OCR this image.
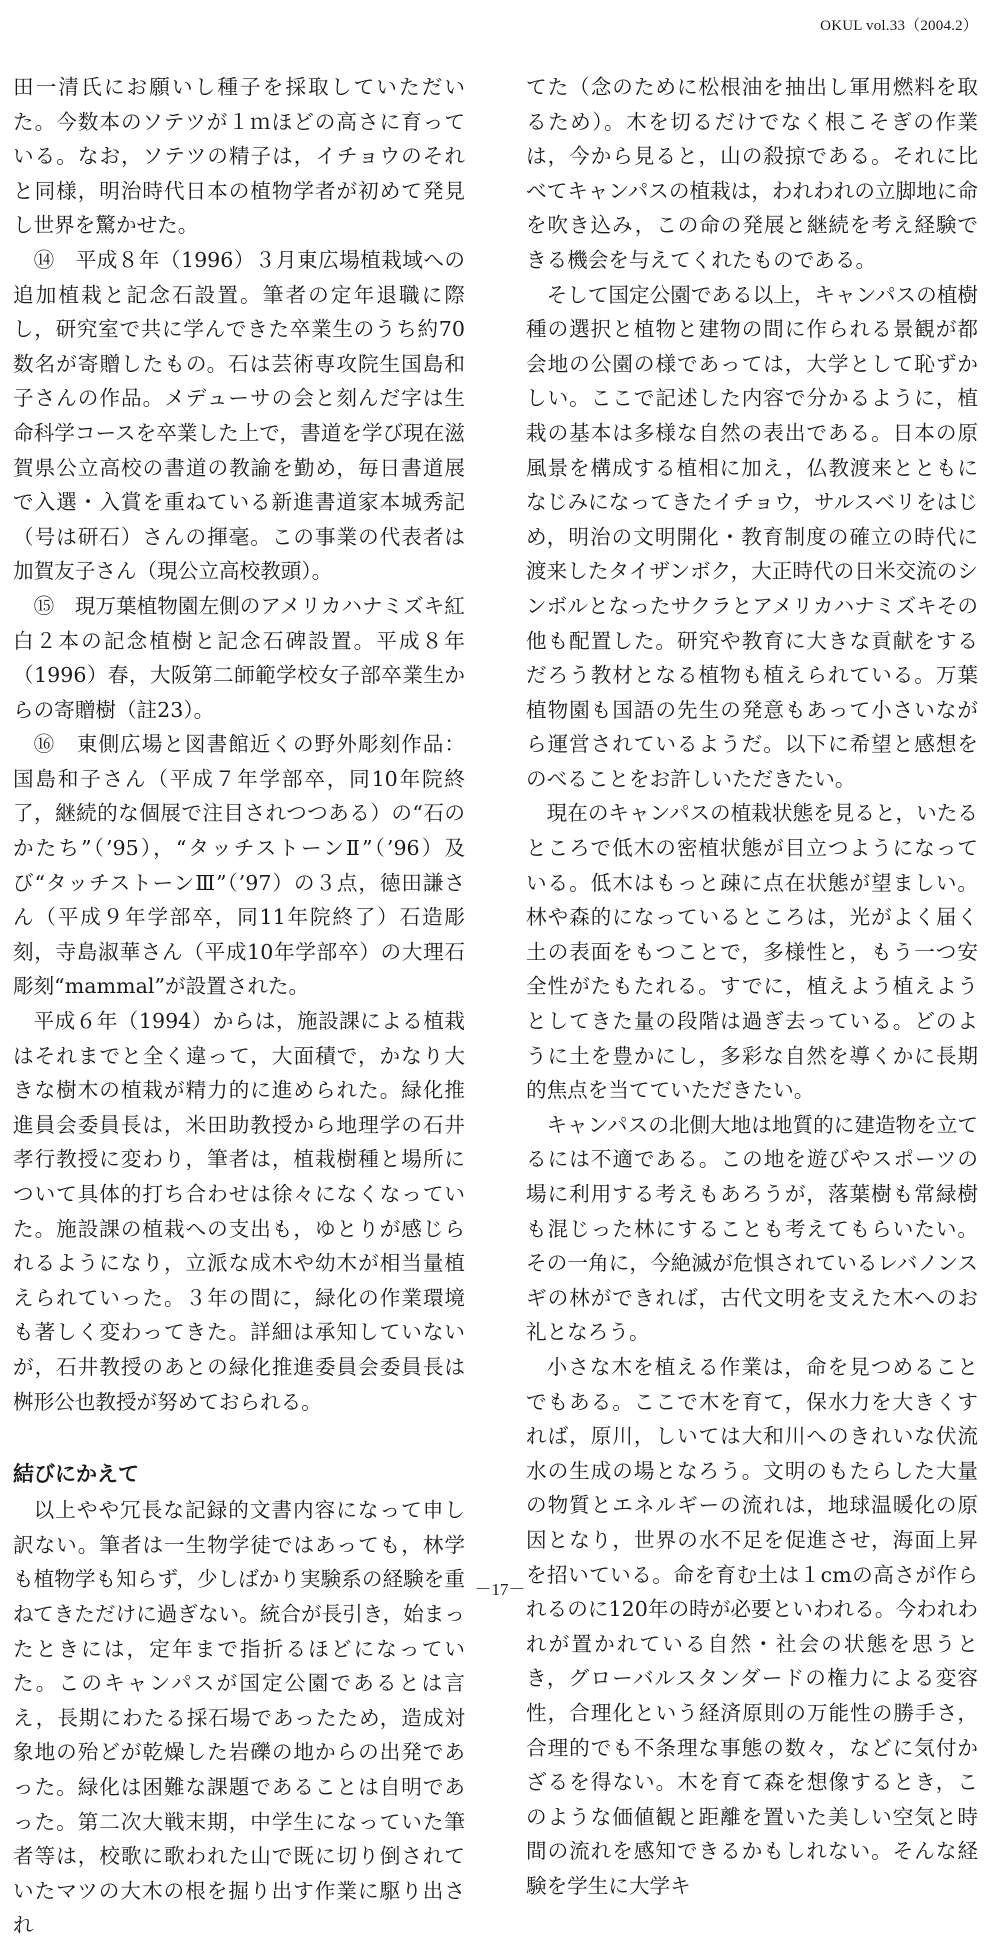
OKUL vol.33（2004.2）

田一清氏にお願いし種子を採取していただいた。今数本のソテツが１ｍほどの高さに育っている。なお，ソテツの精子は，イチョウのそれと同様，明治時代日本の植物学者が初めて発見し世界を驚かせた。

⑭　平成８年（1996）３月東広場植栽域への追加植栽と記念石設置。筆者の定年退職に際し，研究室で共に学んできた卒業生のうち約70数名が寄贈したもの。石は芸術専攻院生国島和子さんの作品。メデューサの会と刻んだ字は生命科学コースを卒業した上で，書道を学び現在滋賀県公立高校の書道の教諭を勤め，毎日書道展で入選・入賞を重ねている新進書道家本城秀記（号は研石）さんの揮毫。この事業の代表者は加賀友子さん（現公立高校教頭）。

⑮　現万葉植物園左側のアメリカハナミズキ紅白２本の記念植樹と記念石碑設置。平成８年（1996）春，大阪第二師範学校女子部卒業生からの寄贈樹（註23）。

⑯　東側広場と図書館近くの野外彫刻作品：国島和子さん（平成７年学部卒，同10年院終了，継続的な個展で注目されつつある）の“石のかたち”（’95），“タッチストーンⅡ”（’96）及び“タッチストーンⅢ”（’97）の３点，徳田謙さん（平成９年学部卒，同11年院終了）石造彫刻，寺島淑華さん（平成10年学部卒）の大理石彫刻“mammal”が設置された。

平成６年（1994）からは，施設課による植栽はそれまでと全く違って，大面積で，かなり大きな樹木の植栽が精力的に進められた。緑化推進員会委員長は，米田助教授から地理学の石井孝行教授に変わり，筆者は，植栽樹種と場所について具体的打ち合わせは徐々になくなっていた。施設課の植栽への支出も，ゆとりが感じられるようになり，立派な成木や幼木が相当量植えられていった。３年の間に，緑化の作業環境も著しく変わってきた。詳細は承知していないが，石井教授のあとの緑化推進委員会委員長は桝形公也教授が努めておられる。

結びにかえて

以上やや冗長な記録的文書内容になって申し訳ない。筆者は一生物学徒ではあっても，林学も植物学も知らず，少しばかり実験系の経験を重ねてきただけに過ぎない。統合が長引き，始まったときには，定年まで指折るほどになっていた。このキャンパスが国定公園であるとは言え，長期にわたる採石場であったため，造成対象地の殆どが乾燥した岩礫の地からの出発であった。緑化は困難な課題であることは自明であった。第二次大戦末期，中学生になっていた筆者等は，校歌に歌われた山で既に切り倒されていたマツの大木の根を掘り出す作業に駆り出され

てた（念のために松根油を抽出し軍用燃料を取るため）。木を切るだけでなく根こそぎの作業は，今から見ると，山の殺掠である。それに比べてキャンパスの植栽は，われわれの立脚地に命を吹き込み，この命の発展と継続を考え経験できる機会を与えてくれたものである。

そして国定公園である以上，キャンパスの植樹種の選択と植物と建物の間に作られる景観が都会地の公園の様であっては，大学として恥ずかしい。ここで記述した内容で分かるように，植栽の基本は多様な自然の表出である。日本の原風景を構成する植相に加え，仏教渡来とともになじみになってきたイチョウ，サルスベリをはじめ，明治の文明開化・教育制度の確立の時代に渡来したタイザンボク，大正時代の日米交流のシンボルとなったサクラとアメリカハナミズキその他も配置した。研究や教育に大きな貢献をするだろう教材となる植物も植えられている。万葉植物園も国語の先生の発意もあって小さいながら運営されているようだ。以下に希望と感想をのべることをお許しいただきたい。

現在のキャンパスの植栽状態を見ると，いたるところで低木の密植状態が目立つようになっている。低木はもっと疎に点在状態が望ましい。林や森的になっているところは，光がよく届く土の表面をもつことで，多様性と，もう一つ安全性がたもたれる。すでに，植えよう植えようとしてきた量の段階は過ぎ去っている。どのように土を豊かにし，多彩な自然を導くかに長期的焦点を当てていただきたい。

キャンパスの北側大地は地質的に建造物を立てるには不適である。この地を遊びやスポーツの場に利用する考えもあろうが，落葉樹も常緑樹も混じった林にすることも考えてもらいたい。その一角に，今絶滅が危惧されているレバノンスギの林ができれば，古代文明を支えた木へのお礼となろう。

小さな木を植える作業は，命を見つめることでもある。ここで木を育て，保水力を大きくすれば，原川，しいては大和川へのきれいな伏流水の生成の場となろう。文明のもたらした大量の物質とエネルギーの流れは，地球温暖化の原因となり，世界の水不足を促進させ，海面上昇を招いている。命を育む土は１cmの高さが作られるのに120年の時が必要といわれる。今われわれが置かれている自然・社会の状態を思うとき，グローバルスタンダードの権力による変容性，合理化という経済原則の万能性の勝手さ，合理的でも不条理な事態の数々，などに気付かざるを得ない。木を育て森を想像するとき，このような価値観と距離を置いた美しい空気と時間の流れを感知できるかもしれない。そんな経験を学生に大学キ

－17－
